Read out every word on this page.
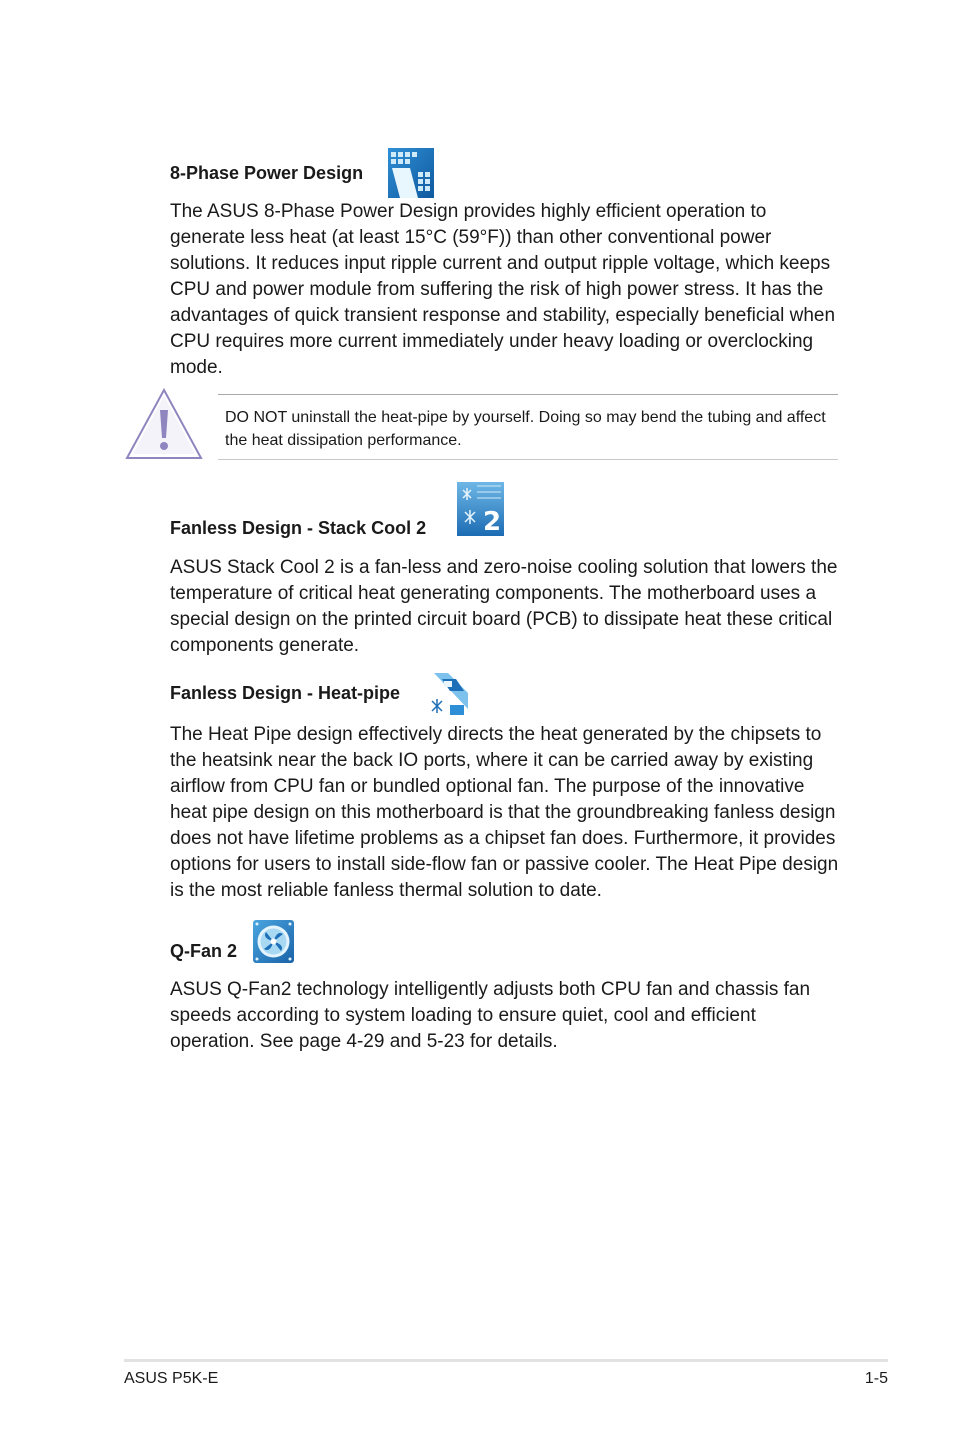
8-Phase Power Design

The ASUS 8-Phase Power Design provides highly efficient operation to generate less heat (at least 15°C (59°F)) than other conventional power solutions. It reduces input ripple current and output ripple voltage, which keeps CPU and power module from suffering the risk of high power stress. It has the advantages of quick transient response and stability, especially beneficial when CPU requires more current immediately under heavy loading or overclocking mode.

DO NOT uninstall the heat-pipe by yourself. Doing so may bend the tubing and affect the heat dissipation performance.

Fanless Design - Stack Cool 2 2

ASUS Stack Cool 2 is a fan-less and zero-noise cooling solution that lowers the temperature of critical heat generating components. The motherboard uses a special design on the printed circuit board (PCB) to dissipate heat these critical components generate.

Fanless Design - Heat-pipe

The Heat Pipe design effectively directs the heat generated by the chipsets to the heatsink near the back IO ports, where it can be carried away by existing airflow from CPU fan or bundled optional fan. The purpose of the innovative heat pipe design on this motherboard is that the groundbreaking fanless design does not have lifetime problems as a chipset fan does. Furthermore, it provides options for users to install side-flow fan or passive cooler. The Heat Pipe design is the most reliable fanless thermal solution to date.

Q-Fan 2

ASUS Q-Fan2 technology intelligently adjusts both CPU fan and chassis fan speeds according to system loading to ensure quiet, cool and efficient operation. See page 4-29 and 5-23 for details.

ASUS P5K-E	1-5
